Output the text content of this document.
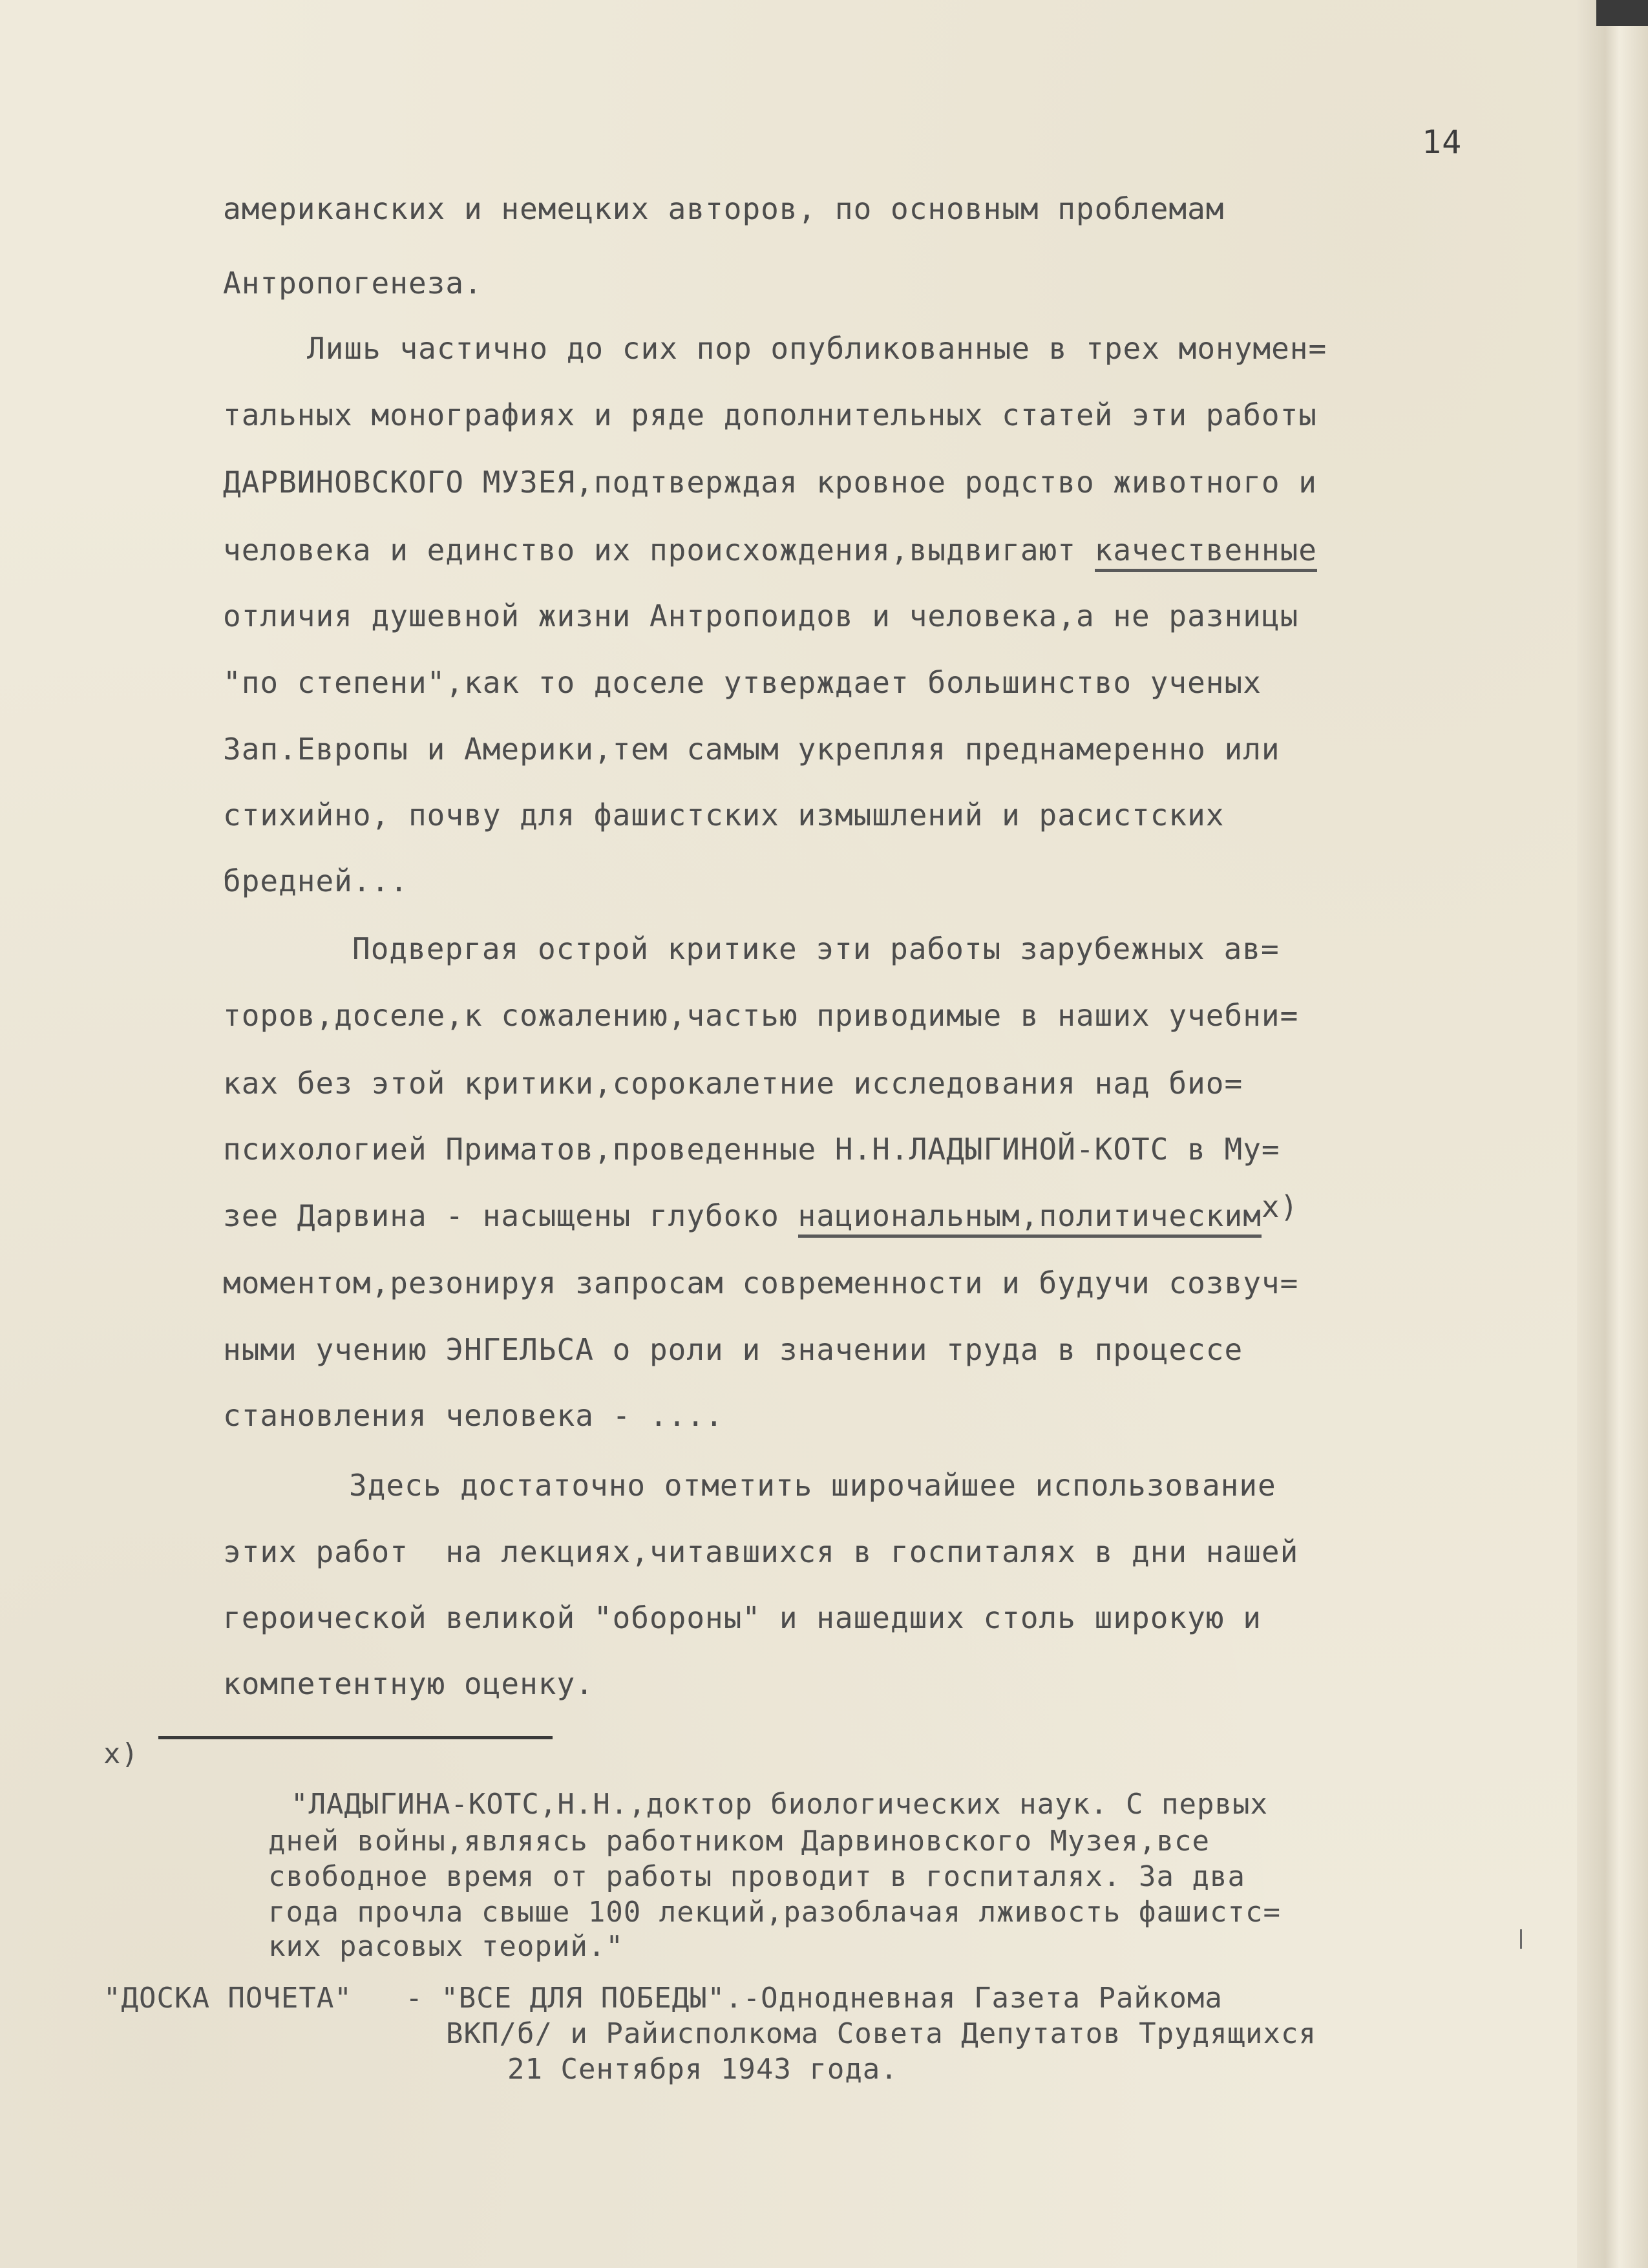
14
американских и немецких авторов, по основным проблемам
Антропогенеза.
Лишь частично до сих пор опубликованные в трех монумен=
тальных монографиях и ряде дополнительных статей эти работы
ДАРВИНОВСКОГО МУЗЕЯ,подтверждая кровное родство животного и
человека и единство их происхождения,выдвигают качественные
отличия душевной жизни Антропоидов и человека,а не разницы
"по степени",как то доселе утверждает большинство ученых
Зап.Европы и Америки,тем самым укрепляя преднамеренно или
стихийно, почву для фашистских измышлений и расистских
бредней...
Подвергая острой критике эти работы зарубежных ав=
торов,доселе,к сожалению,частью приводимые в наших учебни=
ках без этой критики,сорокалетние исследования над био=
психологией Приматов,проведенные Н.Н.ЛАДЫГИНОЙ-КОТС в Му=
зее Дарвина - насыщены глубоко национальным,политическимx)
моментом,резонируя запросам современности и будучи созвуч=
ными учению ЭНГЕЛЬСА о роли и значении труда в процессе
становления человека - ....
Здесь достаточно отметить широчайшее использование
этих работ  на лекциях,читавшихся в госпиталях в дни нашей
героической великой "обороны" и нашедших столь широкую и
компетентную оценку.
x)
"ЛАДЫГИНА-КОТС,Н.Н.,доктор биологических наук. С первых
дней войны,являясь работником Дарвиновского Музея,все
свободное время от работы проводит в госпиталях. За два
года прочла свыше 100 лекций,разоблачая лживость фашистс=
ких расовых теорий."
"ДОСКА ПОЧЕТА"   - "ВСЕ ДЛЯ ПОБЕДЫ".-Однодневная Газета Райкома
ВКП/б/ и Райисполкома Совета Депутатов Трудящихся
21 Сентября 1943 года.
